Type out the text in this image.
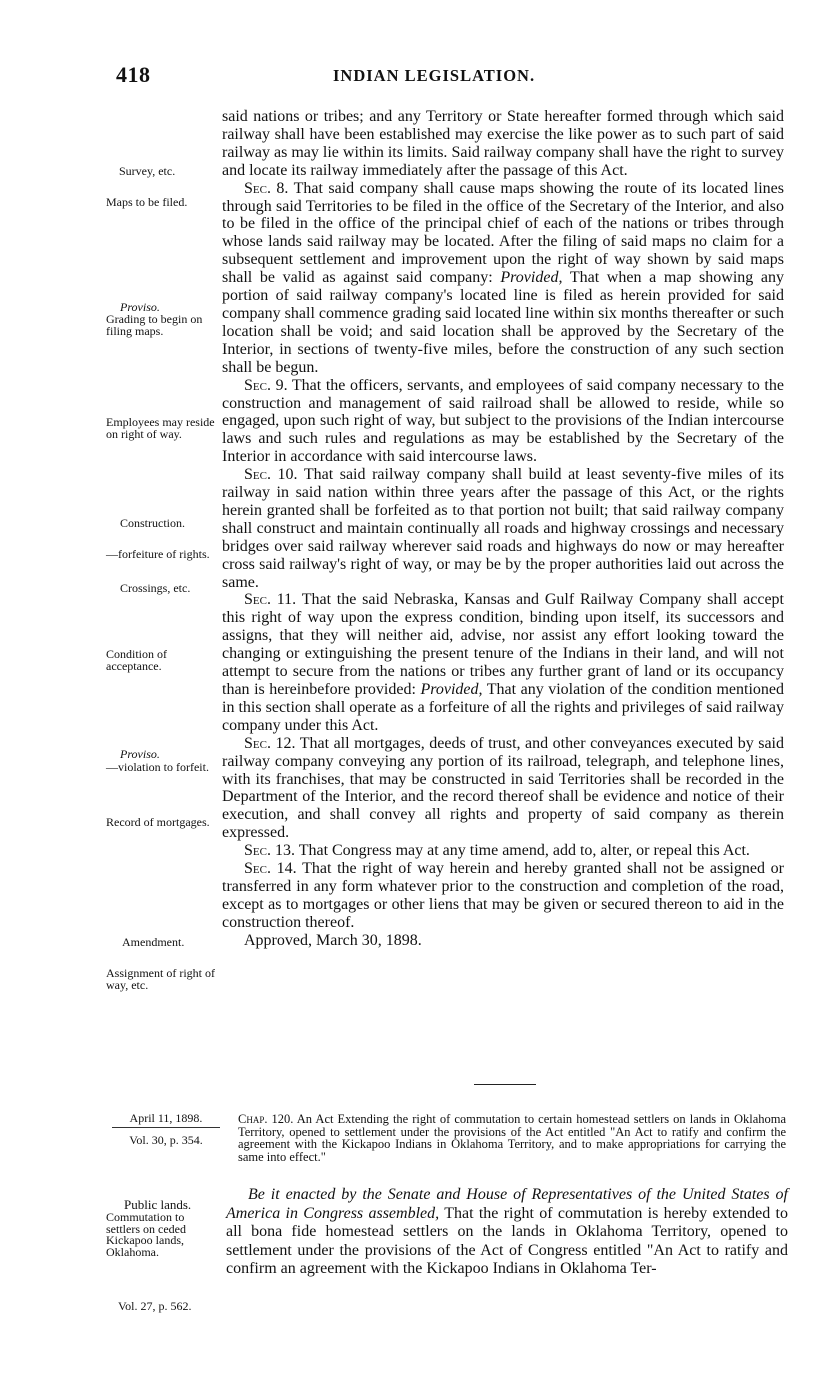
418	INDIAN LEGISLATION.
Survey, etc.
Maps to be filed.
Proviso.
Grading to begin on filing maps.
Employees may reside on right of way.
Construction.
—forfeiture of rights.
Crossings, etc.
Condition of acceptance.
Proviso.
—violation to forfeit.
Record of mortgages.
Amendment.
Assignment of right of way, etc.

said nations or tribes; and any Territory or State hereafter formed through which said railway shall have been established may exercise the like power as to such part of said railway as may lie within its limits. Said railway company shall have the right to survey and locate its railway immediately after the passage of this Act.

Sec. 8. That said company shall cause maps showing the route of its located lines through said Territories to be filed in the office of the Secretary of the Interior, and also to be filed in the office of the principal chief of each of the nations or tribes through whose lands said railway may be located. After the filing of said maps no claim for a subsequent settlement and improvement upon the right of way shown by said maps shall be valid as against said company: Provided, That when a map showing any portion of said railway company's located line is filed as herein provided for said company shall commence grading said located line within six months thereafter or such location shall be void; and said location shall be approved by the Secretary of the Interior, in sections of twenty-five miles, before the construction of any such section shall be begun.

Sec. 9. That the officers, servants, and employees of said company necessary to the construction and management of said railroad shall be allowed to reside, while so engaged, upon such right of way, but subject to the provisions of the Indian intercourse laws and such rules and regulations as may be established by the Secretary of the Interior in accordance with said intercourse laws.

Sec. 10. That said railway company shall build at least seventy-five miles of its railway in said nation within three years after the passage of this Act, or the rights herein granted shall be forfeited as to that portion not built; that said railway company shall construct and maintain continually all roads and highway crossings and necessary bridges over said railway wherever said roads and highways do now or may hereafter cross said railway's right of way, or may be by the proper authorities laid out across the same.

Sec. 11. That the said Nebraska, Kansas and Gulf Railway Company shall accept this right of way upon the express condition, binding upon itself, its successors and assigns, that they will neither aid, advise, nor assist any effort looking toward the changing or extinguishing the present tenure of the Indians in their land, and will not attempt to secure from the nations or tribes any further grant of land or its occupancy than is hereinbefore provided: Provided, That any violation of the condition mentioned in this section shall operate as a forfeiture of all the rights and privileges of said railway company under this Act.

Sec. 12. That all mortgages, deeds of trust, and other conveyances executed by said railway company conveying any portion of its railroad, telegraph, and telephone lines, with its franchises, that may be constructed in said Territories shall be recorded in the Department of the Interior, and the record thereof shall be evidence and notice of their execution, and shall convey all rights and property of said company as therein expressed.

Sec. 13. That Congress may at any time amend, add to, alter, or repeal this Act.

Sec. 14. That the right of way herein and hereby granted shall not be assigned or transferred in any form whatever prior to the construction and completion of the road, except as to mortgages or other liens that may be given or secured thereon to aid in the construction thereof.

Approved, March 30, 1898.

April 11, 1898.
Vol. 30, p. 354.
Chap. 120. An Act Extending the right of commutation to certain homestead settlers on lands in Oklahoma Territory, opened to settlement under the provisions of the Act entitled "An Act to ratify and confirm the agreement with the Kickapoo Indians in Oklahoma Territory, and to make appropriations for carrying the same into effect."
Public lands.
Commutation to settlers on ceded Kickapoo lands, Oklahoma.
Vol. 27, p. 562.

Be it enacted by the Senate and House of Representatives of the United States of America in Congress assembled, That the right of commutation is hereby extended to all bona fide homestead settlers on the lands in Oklahoma Territory, opened to settlement under the provisions of the Act of Congress entitled "An Act to ratify and confirm an agreement with the Kickapoo Indians in Oklahoma Ter-
